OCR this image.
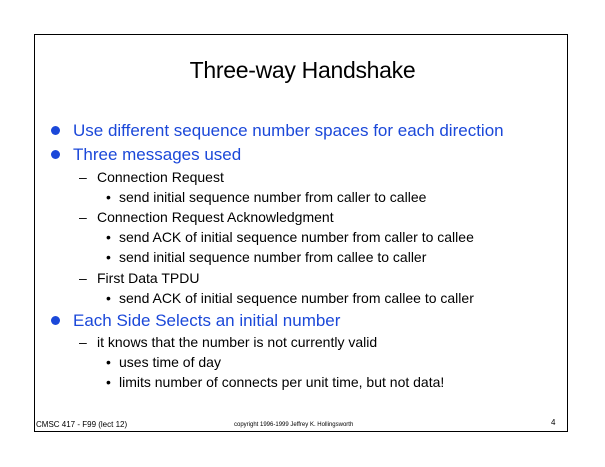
Three-way Handshake
Use different sequence number spaces for each direction
Three messages used
– Connection Request
• send initial sequence number from caller to callee
– Connection Request Acknowledgment
• send ACK of initial sequence number from caller to callee
• send initial sequence number from callee to caller
– First Data TPDU
• send ACK of initial sequence number from callee to caller
Each Side Selects an initial number
– it knows that the number is not currently valid
• uses time of day
• limits number of connects per unit time, but not data!
CMSC 417 - F99 (lect 12)	copyright 1996-1999 Jeffrey K. Hollingsworth	4
